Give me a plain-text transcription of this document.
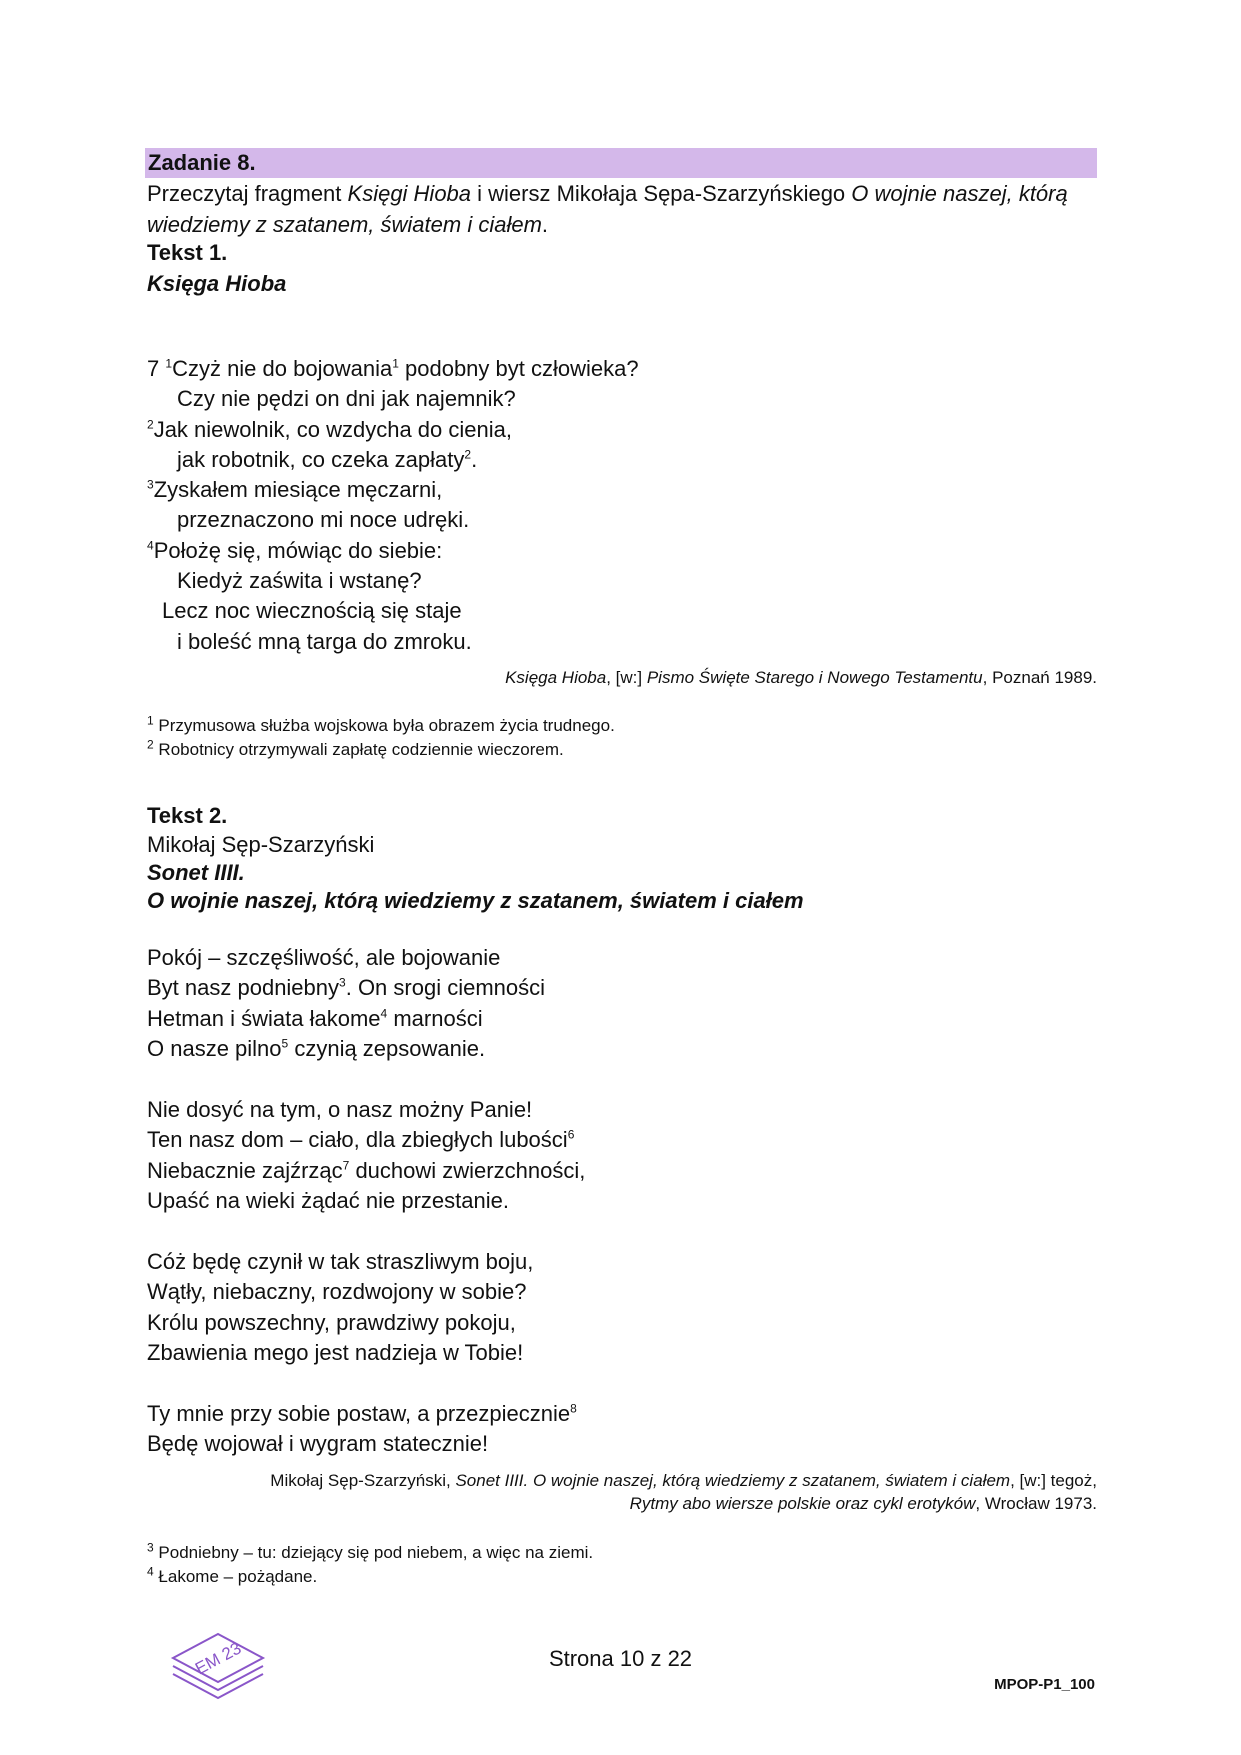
Zadanie 8.
Przeczytaj fragment Księgi Hioba i wiersz Mikołaja Sępa-Szarzyńskiego O wojnie naszej, którą wiedziemy z szatanem, światem i ciałem.
Tekst 1.
Księga Hioba
7 $^1$Czyż nie do bojowania$^1$ podobny byt człowieka?
Czy nie pędzi on dni jak najemnik?
$^2$Jak niewolnik, co wzdycha do cienia,
jak robotnik, co czeka zapłaty$^2$.
$^3$Zyskałem miesiące męczarni,
przeznaczono mi noce udręki.
$^4$Położę się, mówiąc do siebie:
Kiedyż zaświta i wstanę?
Lecz noc wiecznością się staje
i boleść mną targa do zmroku.
Księga Hioba, [w:] Pismo Święte Starego i Nowego Testamentu, Poznań 1989.
$^1$ Przymusowa służba wojskowa była obrazem życia trudnego.
$^2$ Robotnicy otrzymywali zapłatę codziennie wieczorem.
Tekst 2.
Mikołaj Sęp-Szarzyński
Sonet IIII.
O wojnie naszej, którą wiedziemy z szatanem, światem i ciałem
Pokój – szczęśliwość, ale bojowanie
Byt nasz podniebny$^3$. On srogi ciemności
Hetman i świata łakome$^4$ marności
O nasze pilno$^5$ czynią zepsowanie.
Nie dosyć na tym, o nasz możny Panie!
Ten nasz dom – ciało, dla zbiegłych lubości$^6$
Niebacznie zajźrząc$^7$ duchowi zwierzchności,
Upaść na wieki żądać nie przestanie.
Cóż będę czynił w tak straszliwym boju,
Wątły, niebaczny, rozdwojony w sobie?
Królu powszechny, prawdziwy pokoju,
Zbawienia mego jest nadzieja w Tobie!
Ty mnie przy sobie postaw, a przezpiecznie$^8$
Będę wojował i wygram statecznie!
Mikołaj Sęp-Szarzyński, Sonet IIII. O wojnie naszej, którą wiedziemy z szatanem, światem i ciałem, [w:] tegoż,
Rytmy abo wiersze polskie oraz cykl erotyków, Wrocław 1973.
$^3$ Podniebny – tu: dziejący się pod niebem, a więc na ziemi.
$^4$ Łakome – pożądane.
EM 23	Strona 10 z 22
MPOP-P1_100
